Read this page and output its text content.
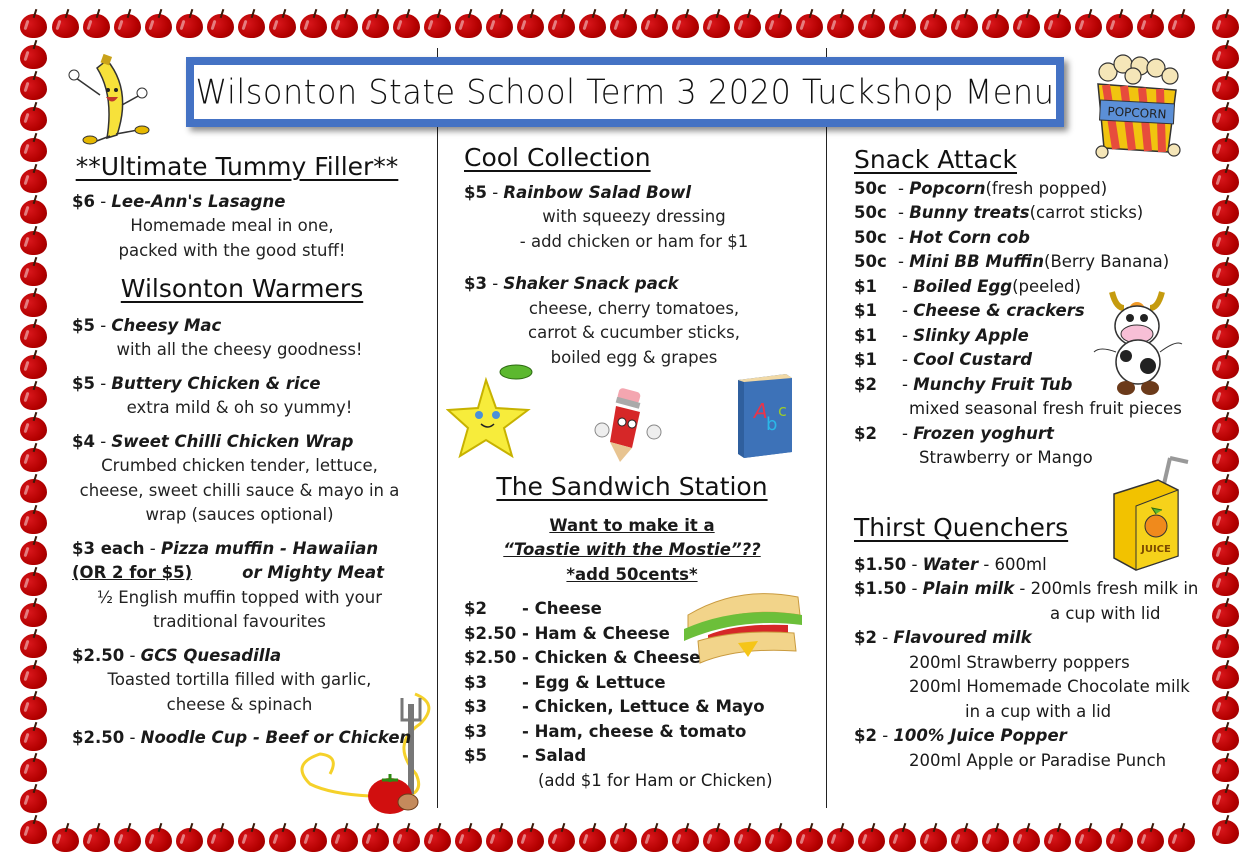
Wilsonton State School Term 3 2020 Tuckshop Menu
POPCORN
A
b
c
JUICE
**Ultimate Tummy Filler**
$6 - Lee-Ann's Lasagne
Homemade meal in one,
packed with the good stuff!
Wilsonton Warmers
$5 - Cheesy Mac
with all the cheesy goodness!
$5 - Buttery Chicken & rice
extra mild & oh so yummy!
$4 - Sweet Chilli Chicken Wrap
Crumbed chicken tender, lettuce,
cheese, sweet chilli sauce & mayo in a
wrap (sauces optional)
$3 each - Pizza muffin - Hawaiian
(OR 2 for $5)	or Mighty Meat
½ English muffin topped with your
traditional favourites
$2.50 - GCS Quesadilla
Toasted tortilla filled with garlic,
cheese & spinach
$2.50 - Noodle Cup - Beef or Chicken
Cool Collection
$5 - Rainbow Salad Bowl
with squeezy dressing
- add chicken or ham for $1
$3 - Shaker Snack pack
cheese, cherry tomatoes,
carrot & cucumber sticks,
boiled egg & grapes
The Sandwich Station
Want to make it a
“Toastie with the Mostie”??
*add 50cents*
$2	- Cheese
$2.50 - Ham & Cheese
$2.50 - Chicken & Cheese
$3	- Egg & Lettuce
$3	- Chicken, Lettuce & Mayo
$3	- Ham, cheese & tomato
$5	- Salad
(add $1 for Ham or Chicken)
Snack Attack
50c - Popcorn (fresh popped)
50c - Bunny treats (carrot sticks)
50c - Hot Corn cob
50c - Mini BB Muffin (Berry Banana)
$1	- Boiled Egg (peeled)
$1	- Cheese & crackers
$1	- Slinky Apple
$1	- Cool Custard
$2	- Munchy Fruit Tub
mixed seasonal fresh fruit pieces
$2	- Frozen yoghurt
Strawberry or Mango
Thirst Quenchers
$1.50 - Water - 600ml
$1.50 - Plain milk - 200mls fresh milk in
a cup with lid
$2 - Flavoured milk
200ml Strawberry poppers
200ml Homemade Chocolate milk
in a cup with a lid
$2 - 100% Juice Popper
200ml Apple or Paradise Punch
